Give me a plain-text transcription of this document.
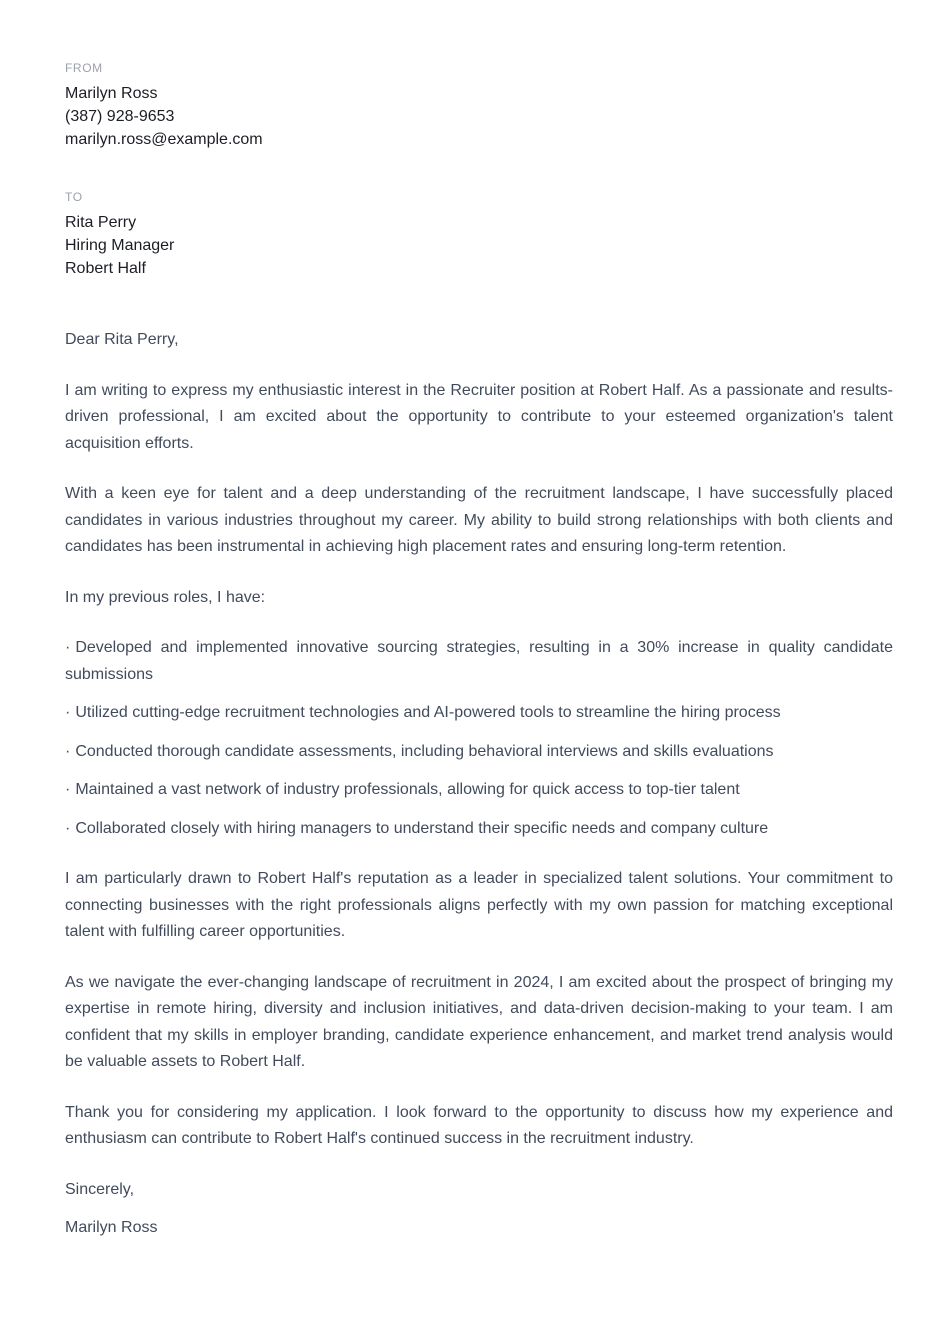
FROM
Marilyn Ross
(387) 928-9653
marilyn.ross@example.com
TO
Rita Perry
Hiring Manager
Robert Half
Dear Rita Perry,

I am writing to express my enthusiastic interest in the Recruiter position at Robert Half. As a passionate and results-driven professional, I am excited about the opportunity to contribute to your esteemed organization's talent acquisition efforts.

With a keen eye for talent and a deep understanding of the recruitment landscape, I have successfully placed candidates in various industries throughout my career. My ability to build strong relationships with both clients and candidates has been instrumental in achieving high placement rates and ensuring long-term retention.

In my previous roles, I have:

· Developed and implemented innovative sourcing strategies, resulting in a 30% increase in quality candidate submissions

· Utilized cutting-edge recruitment technologies and AI-powered tools to streamline the hiring process

· Conducted thorough candidate assessments, including behavioral interviews and skills evaluations

· Maintained a vast network of industry professionals, allowing for quick access to top-tier talent

· Collaborated closely with hiring managers to understand their specific needs and company culture

I am particularly drawn to Robert Half's reputation as a leader in specialized talent solutions. Your commitment to connecting businesses with the right professionals aligns perfectly with my own passion for matching exceptional talent with fulfilling career opportunities.

As we navigate the ever-changing landscape of recruitment in 2024, I am excited about the prospect of bringing my expertise in remote hiring, diversity and inclusion initiatives, and data-driven decision-making to your team. I am confident that my skills in employer branding, candidate experience enhancement, and market trend analysis would be valuable assets to Robert Half.

Thank you for considering my application. I look forward to the opportunity to discuss how my experience and enthusiasm can contribute to Robert Half's continued success in the recruitment industry.

Sincerely,

Marilyn Ross
